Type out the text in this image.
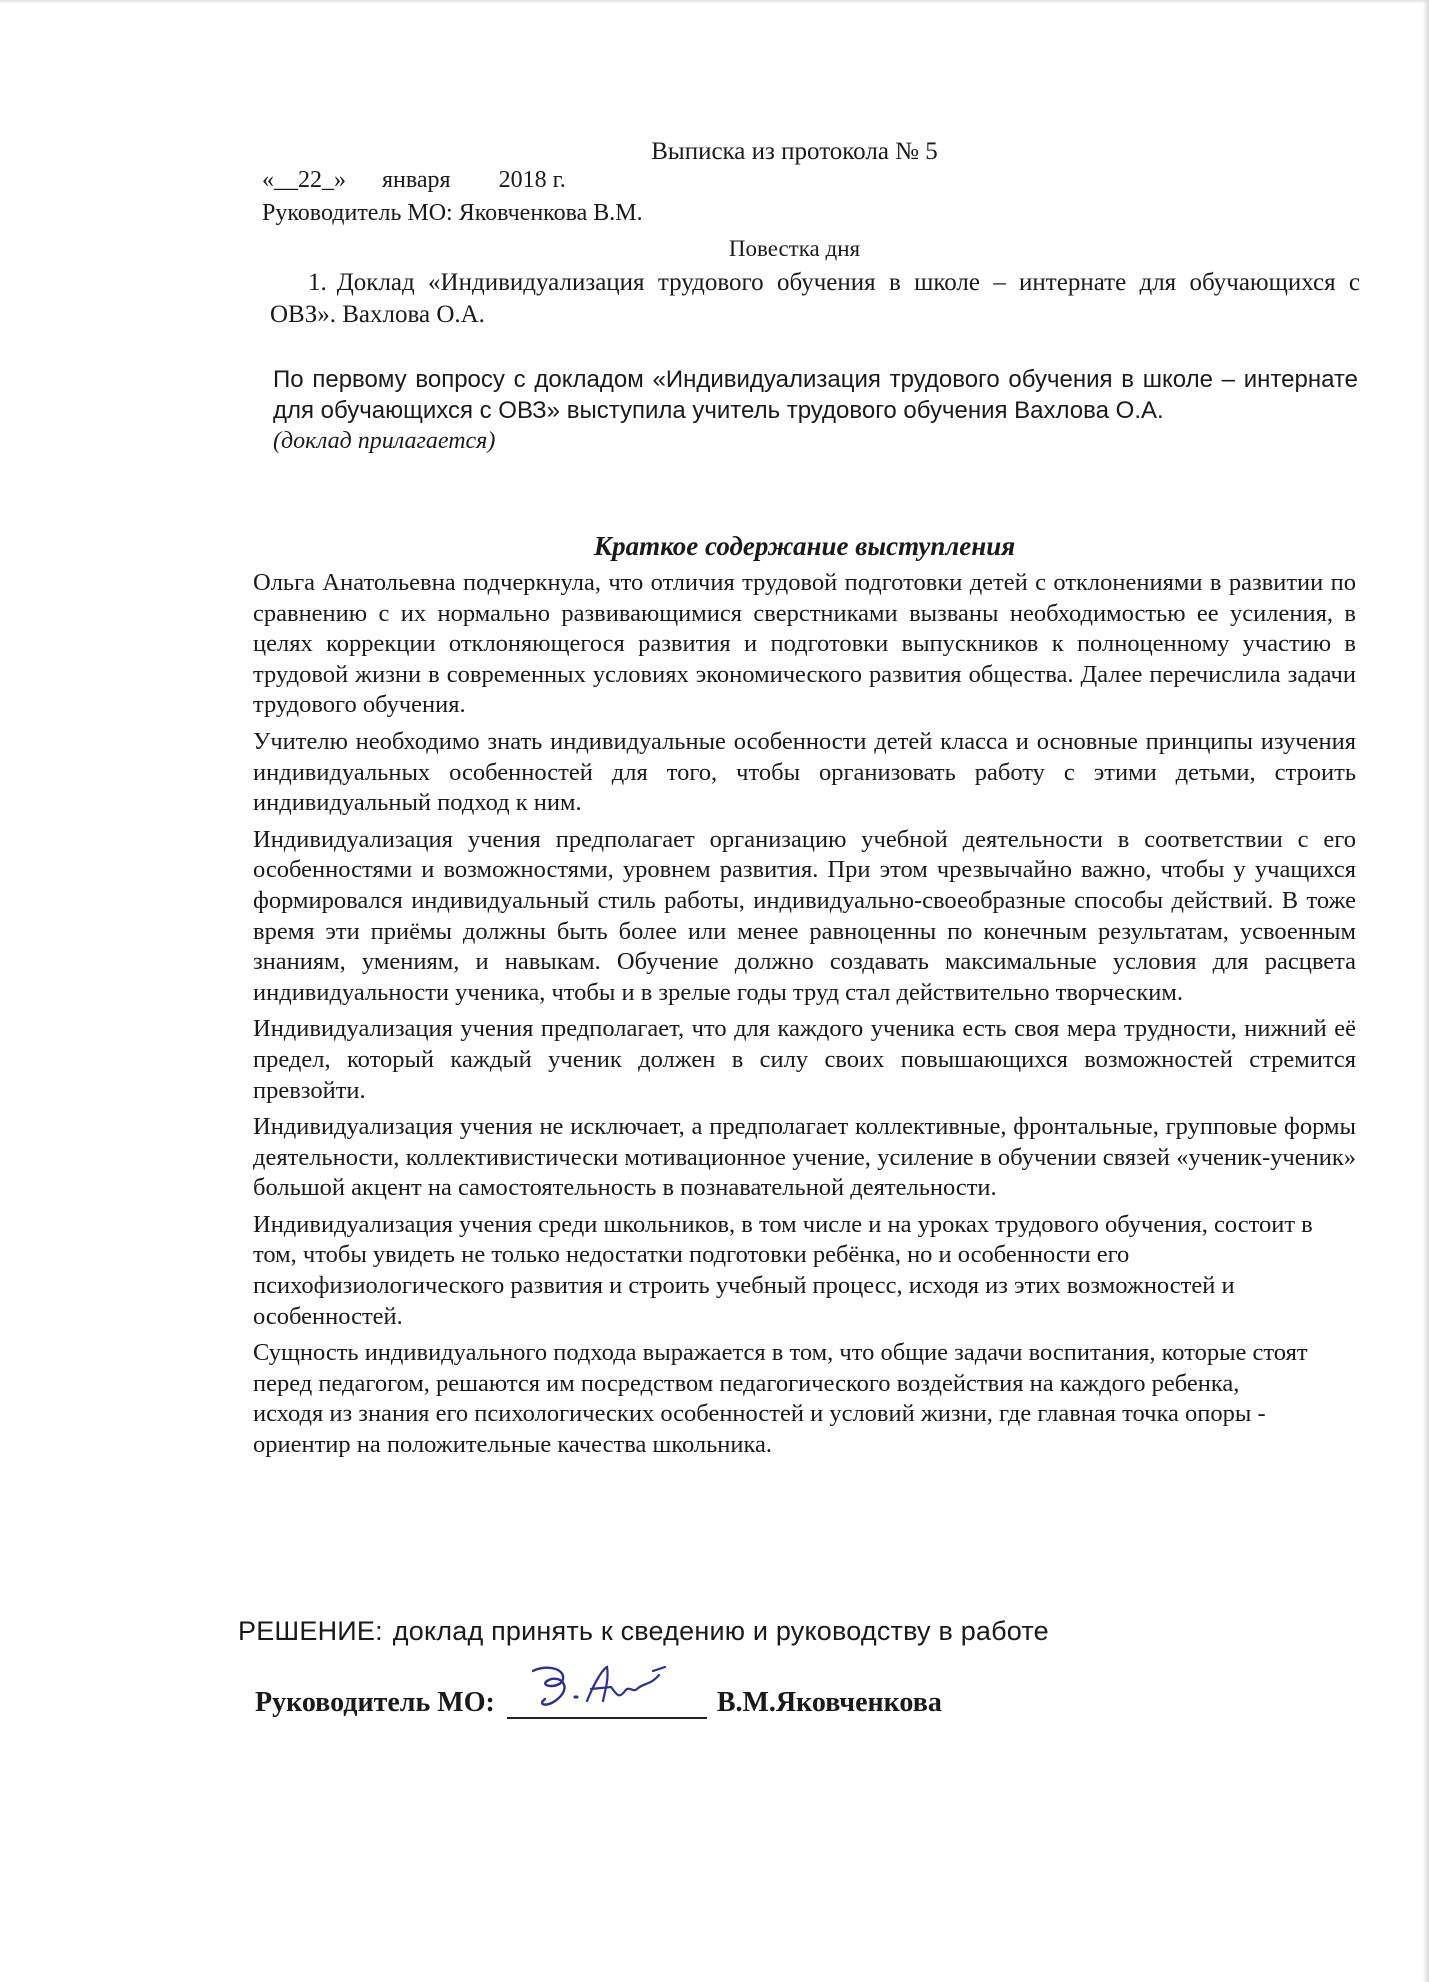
Выписка из протокола № 5
«__22_» января 2018 г.
Руководитель МО: Яковченкова В.М.
Повестка дня
1. Доклад «Индивидуализация трудового обучения в школе – интернате для обучающихся с ОВЗ». Вахлова О.А.
По первому вопросу с докладом «Индивидуализация трудового обучения в школе – интернате для обучающихся с ОВЗ» выступила учитель трудового обучения Вахлова О.А.
(доклад прилагается)
Краткое содержание выступления

Ольга Анатольевна подчеркнула, что отличия трудовой подготовки детей с отклонениями в развитии по сравнению с их нормально развивающимися сверстниками вызваны необходимостью ее усиления, в целях коррекции отклоняющегося развития и подготовки выпускников к полноценному участию в трудовой жизни в современных условиях экономического развития общества. Далее перечислила задачи трудового обучения.

Учителю необходимо знать индивидуальные особенности детей класса и основные принципы изучения индивидуальных особенностей для того, чтобы организовать работу с этими детьми, строить индивидуальный подход к ним.

Индивидуализация учения предполагает организацию учебной деятельности в соответствии с его особенностями и возможностями, уровнем развития. При этом чрезвычайно важно, чтобы у учащихся формировался индивидуальный стиль работы, индивидуально-своеобразные способы действий. В тоже время эти приёмы должны быть более или менее равноценны по конечным результатам, усвоенным знаниям, умениям, и навыкам. Обучение должно создавать максимальные условия для расцвета индивидуальности ученика, чтобы и в зрелые годы труд стал действительно творческим.

Индивидуализация учения предполагает, что для каждого ученика есть своя мера трудности, нижний её предел, который каждый ученик должен в силу своих повышающихся возможностей стремится превзойти.

Индивидуализация учения не исключает, а предполагает коллективные, фронтальные, групповые формы деятельности, коллективистически мотивационное учение, усиление в обучении связей «ученик-ученик» большой акцент на самостоятельность в познавательной деятельности.

Индивидуализация учения среди школьников, в том числе и на уроках трудового обучения, состоит в том, чтобы увидеть не только недостатки подготовки ребёнка, но и особенности его психофизиологического развития и строить учебный процесс, исходя из этих возможностей и особенностей.

Сущность индивидуального подхода выражается в том, что общие задачи воспитания, которые стоят перед педагогом, решаются им посредством педагогического воздействия на каждого ребенка, исходя из знания его психологических особенностей и условий жизни, где главная точка опоры - ориентир на положительные качества школьника.

РЕШЕНИЕ: доклад принять к сведению и руководству в работе
Руководитель МО:	В.М.Яковченкова
